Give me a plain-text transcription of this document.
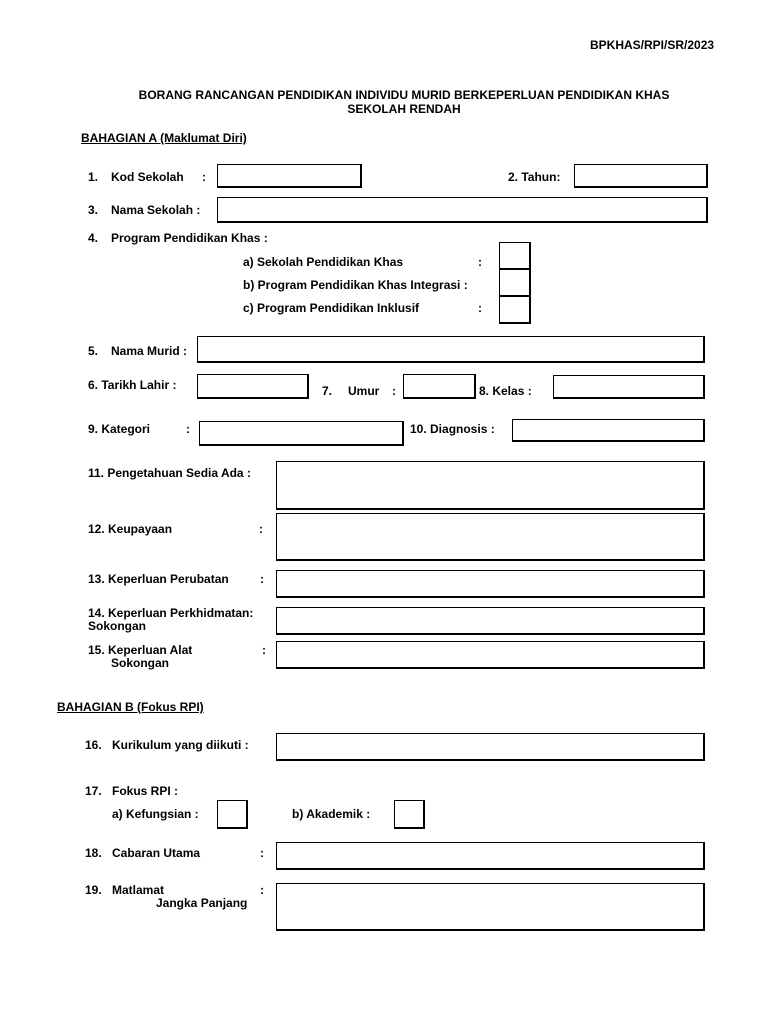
BPKHAS/RPI/SR/2023
BORANG RANCANGAN PENDIDIKAN INDIVIDU MURID BERKEPERLUAN PENDIDIKAN KHAS
SEKOLAH RENDAH
BAHAGIAN A (Maklumat Diri)
1. Kod Sekolah :	2. Tahun:
3. Nama Sekolah :
4. Program Pendidikan Khas :
a) Sekolah Pendidikan Khas	:
b) Program Pendidikan Khas Integrasi :
c) Program Pendidikan Inklusif	:
5. Nama Murid :
6. Tarikh Lahir :	7. Umur :	8. Kelas :
9. Kategori	:	10. Diagnosis :
11. Pengetahuan Sedia Ada :
12. Keupayaan	:
13. Keperluan Perubatan	:
14. Keperluan Perkhidmatan:
Sokongan
15. Keperluan Alat
Sokongan
:
BAHAGIAN B (Fokus RPI)
16. Kurikulum yang diikuti :
17. Fokus RPI :
a) Kefungsian :	b) Akademik :
18. Cabaran Utama	:
19. Matlamat
Jangka Panjang
:
